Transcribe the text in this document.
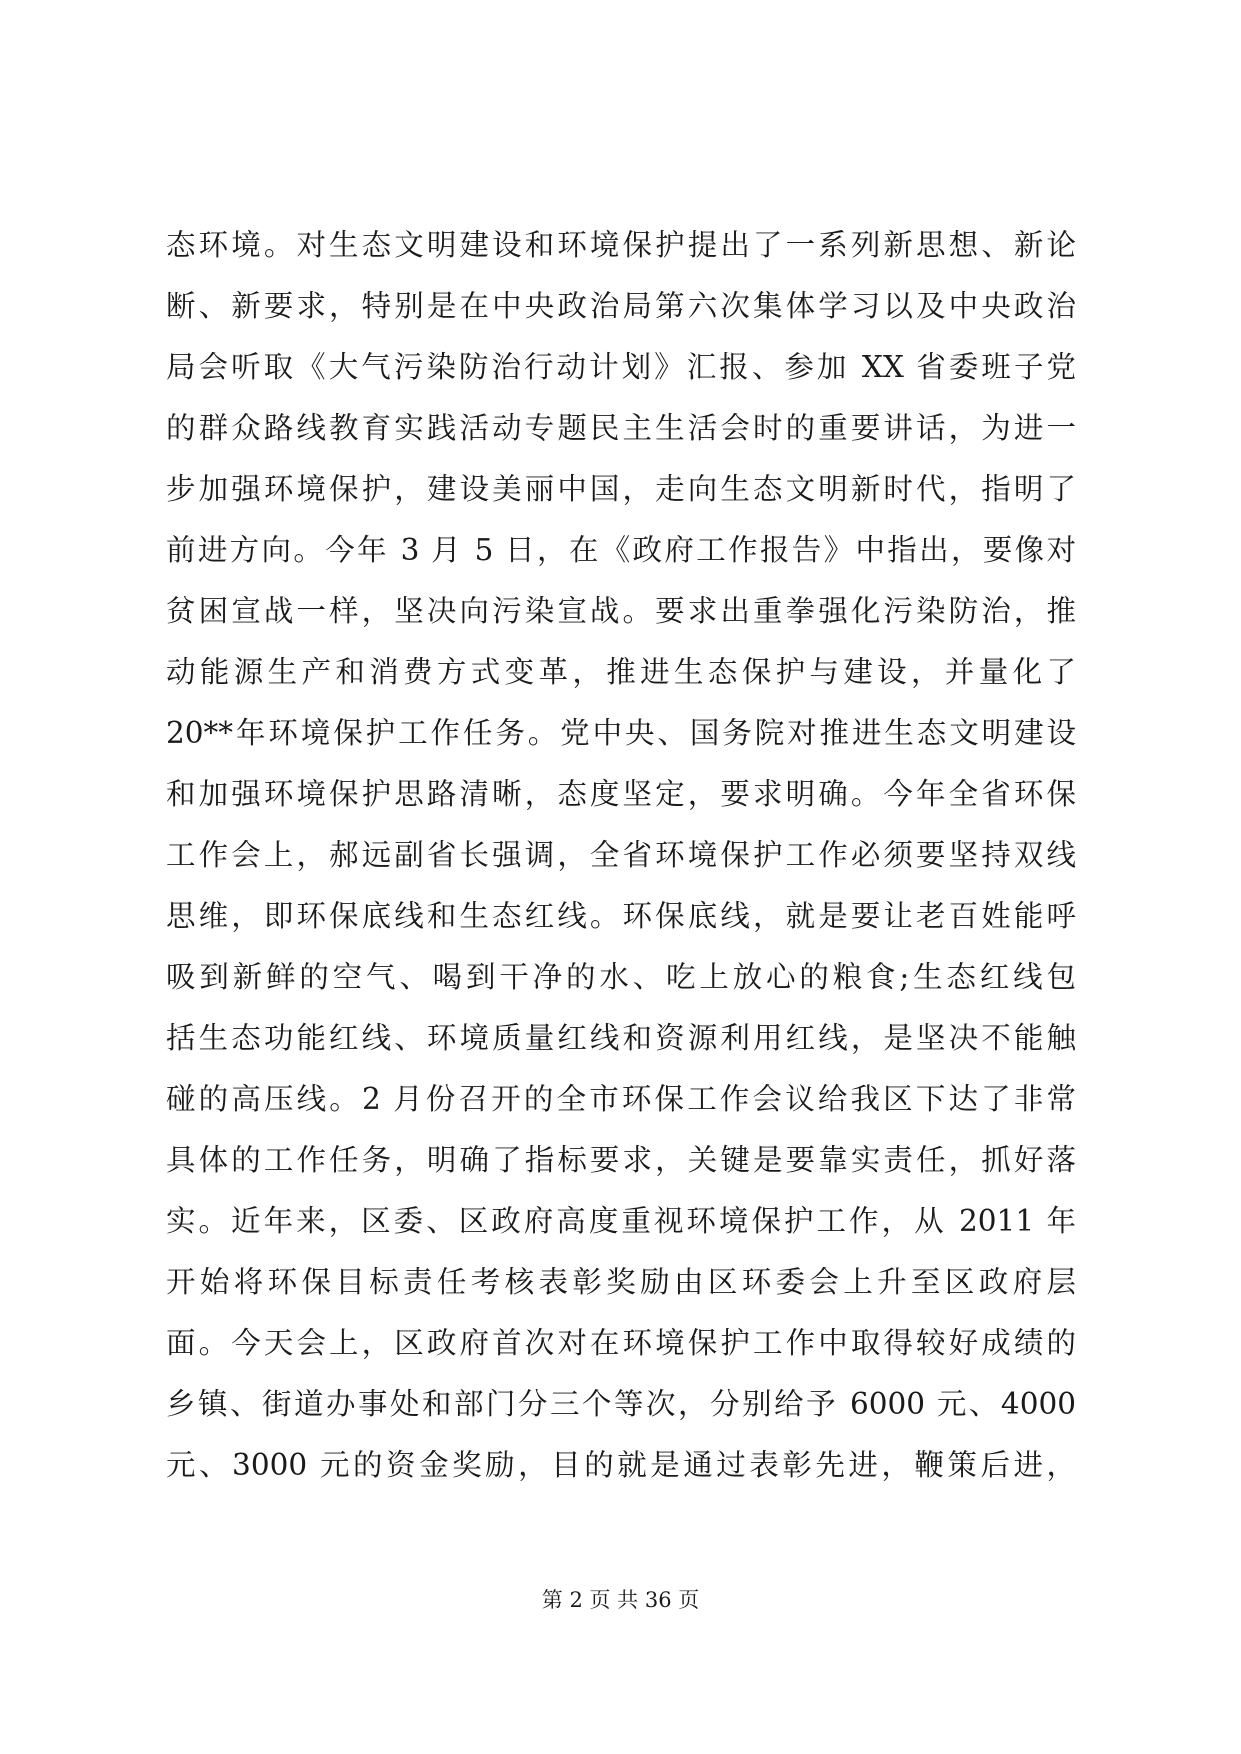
态环境。对生态文明建设和环境保护提出了一系列新思想、新论
断、新要求，特别是在中央政治局第六次集体学习以及中央政治
局会听取《大气污染防治行动计划》汇报、参加 XX 省委班子党
的群众路线教育实践活动专题民主生活会时的重要讲话，为进一
步加强环境保护，建设美丽中国，走向生态文明新时代，指明了
前进方向。今年 3 月 5 日，在《政府工作报告》中指出，要像对
贫困宣战一样，坚决向污染宣战。要求出重拳强化污染防治，推
动能源生产和消费方式变革，推进生态保护与建设，并量化了
20**年环境保护工作任务。党中央、国务院对推进生态文明建设
和加强环境保护思路清晰，态度坚定，要求明确。今年全省环保
工作会上，郝远副省长强调，全省环境保护工作必须要坚持双线
思维，即环保底线和生态红线。环保底线，就是要让老百姓能呼
吸到新鲜的空气、喝到干净的水、吃上放心的粮食;生态红线包
括生态功能红线、环境质量红线和资源利用红线，是坚决不能触
碰的高压线。2 月份召开的全市环保工作会议给我区下达了非常
具体的工作任务，明确了指标要求，关键是要靠实责任，抓好落
实。近年来，区委、区政府高度重视环境保护工作，从 2011 年
开始将环保目标责任考核表彰奖励由区环委会上升至区政府层
面。今天会上，区政府首次对在环境保护工作中取得较好成绩的
乡镇、街道办事处和部门分三个等次，分别给予 6000 元、4000
元、3000 元的资金奖励，目的就是通过表彰先进，鞭策后进，
第 2 页 共 36 页
